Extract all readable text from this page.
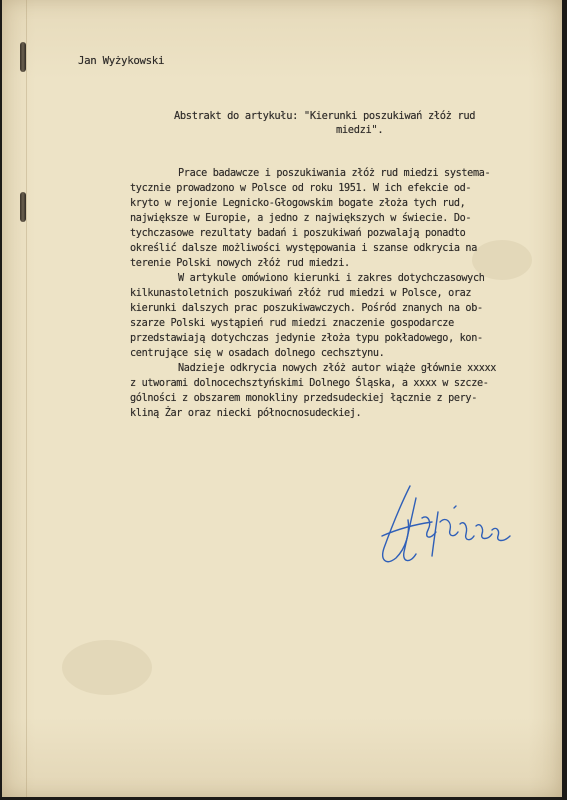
Jan Wyżykowski
Abstrakt do artykułu: "Kierunki poszukiwań złóż rud
miedzi".
Prace badawcze i poszukiwania złóż rud miedzi systema-
tycznie prowadzono w Polsce od roku 1951. W ich efekcie od-
kryto w rejonie Legnicko-Głogowskim bogate złoża tych rud,
największe w Europie, a jedno z największych w świecie. Do-
tychczasowe rezultaty badań i poszukiwań pozwalają ponadto
określić dalsze możliwości występowania i szanse odkrycia na
terenie Polski nowych złóż rud miedzi.
W artykule omówiono kierunki i zakres dotychczasowych
kilkunastoletnich poszukiwań złóż rud miedzi w Polsce, oraz
kierunki dalszych prac poszukiwawczych. Pośród znanych na ob-
szarze Polski wystąpień rud miedzi znaczenie gospodarcze
przedstawiają dotychczas jedynie złoża typu pokładowego, kon-
centrujące się w osadach dolnego cechsztynu.
Nadzieje odkrycia nowych złóż autor wiąże głównie xxxxx
z utworami dolnocechsztyńskimi Dolnego Śląska, a xxxx w szcze-
gólności z obszarem monokliny przedsudeckiej łącznie z pery-
kliną Żar oraz niecki północnosudeckiej.
